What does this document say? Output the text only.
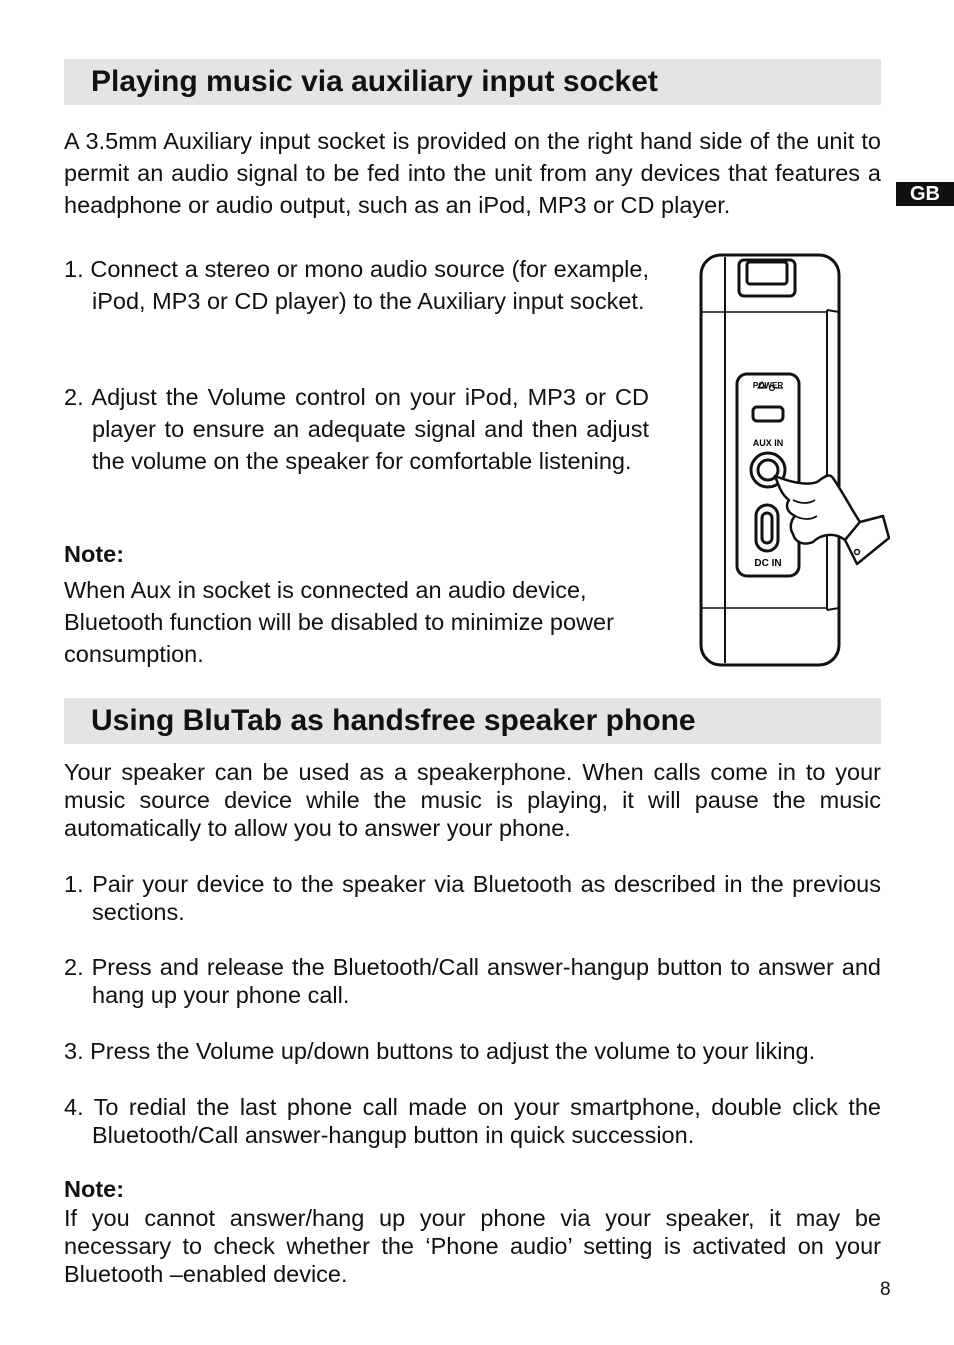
Playing music via auxiliary input socket

A 3.5mm Auxiliary input socket is provided on the right hand side of the unit to permit an audio signal to be fed into the unit from any devices that features a headphone or audio output, such as an iPod, MP3 or CD player.	GB

1. Connect a stereo or mono audio source (for example, iPod, MP3 or CD player) to the Auxiliary input socket.

2. Adjust the Volume control on your iPod, MP3 or CD player to ensure an adequate signal and then adjust the volume on the speaker for comfortable listening.

Note:

When Aux in socket is connected an audio device, Bluetooth function will be disabled to minimize power consumption.

POWER
AUX IN
DC IN
Using BluTab as handsfree speaker phone

Your speaker can be used as a speakerphone. When calls come in to your music source device while the music is playing, it will pause the music automatically to allow you to answer your phone.

1. Pair your device to the speaker via Bluetooth as described in the previous sections.

2. Press and release the Bluetooth/Call answer-hangup button to answer and hang up your phone call.

3. Press the Volume up/down buttons to adjust the volume to your liking.

4. To redial the last phone call made on your smartphone, double click the Bluetooth/Call answer-hangup button in quick succession.

Note:

If you cannot answer/hang up your phone via your speaker, it may be necessary to check whether the ‘Phone audio’ setting is activated on your Bluetooth –enabled device.

8
